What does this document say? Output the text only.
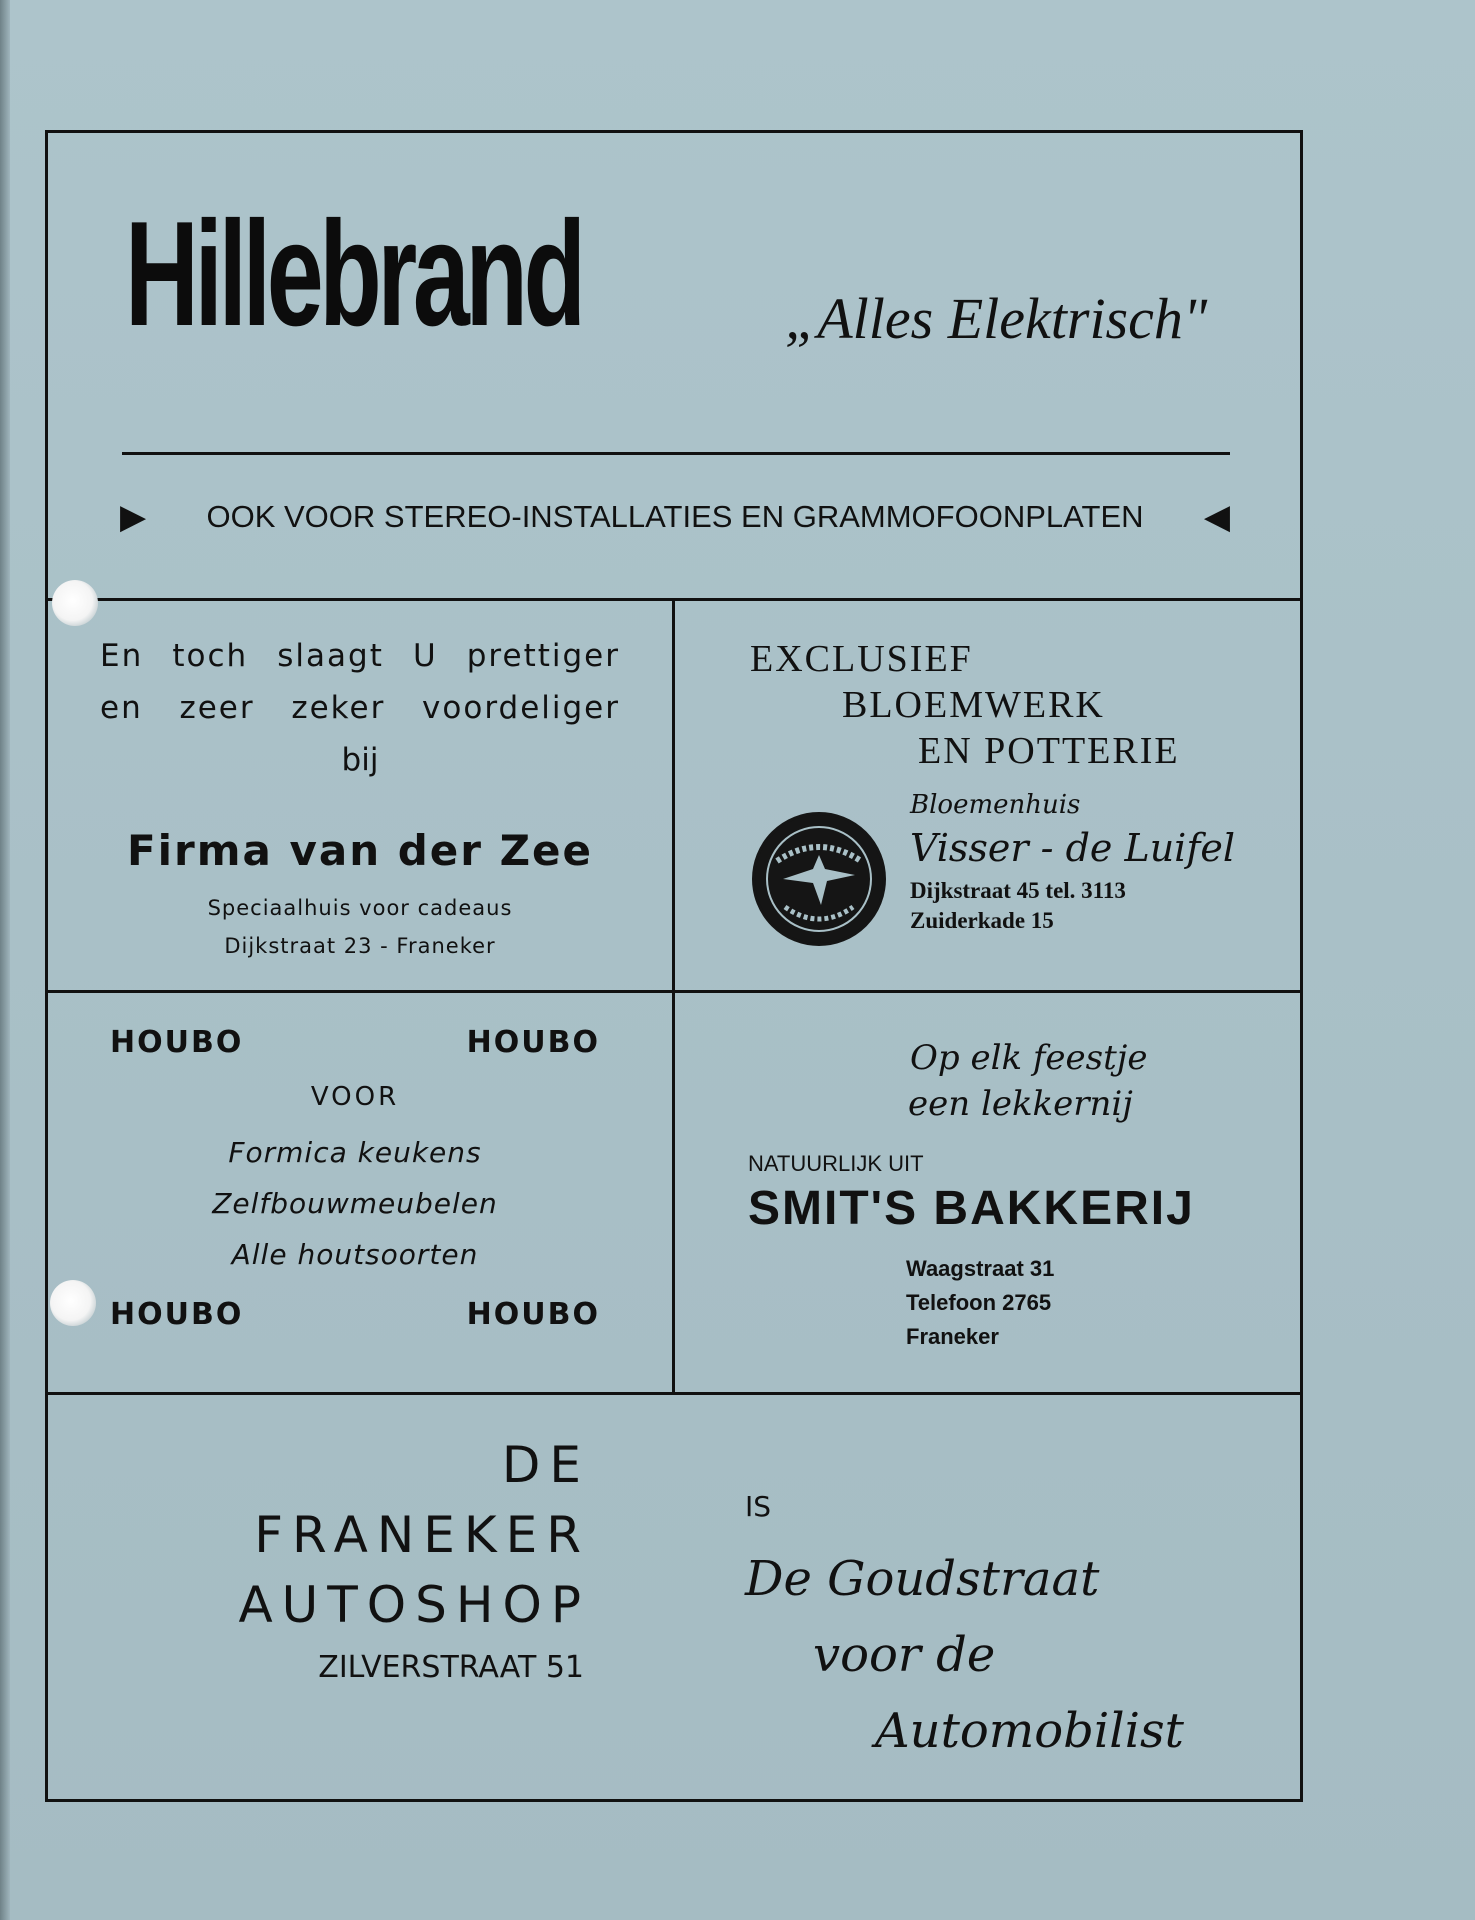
Hillebrand	„Alles Elektrisch"
▶ OOK VOOR STEREO-INSTALLATIES EN GRAMMOFOONPLATEN ◀
En toch slaagt U prettiger
en zeer zeker voordeliger
bij
Firma van der Zee
Speciaalhuis voor cadeaus
Dijkstraat 23 - Franeker
EXCLUSIEF
BLOEMWERK
EN POTTERIE
Bloemenhuis
Visser - de Luifel
Dijkstraat 45 tel. 3113
Zuiderkade 15
HOUBO	HOUBO
VOOR
Formica keukens
Zelfbouwmeubelen
Alle houtsoorten
HOUBO	HOUBO
Op elk feestje
een lekkernij
NATUURLIJK UIT
SMIT'S BAKKERIJ
Waagstraat 31
Telefoon 2765
Franeker
DE
FRANEKER
AUTOSHOP
ZILVERSTRAAT 51
IS
De Goudstraat
voor de
Automobilist
